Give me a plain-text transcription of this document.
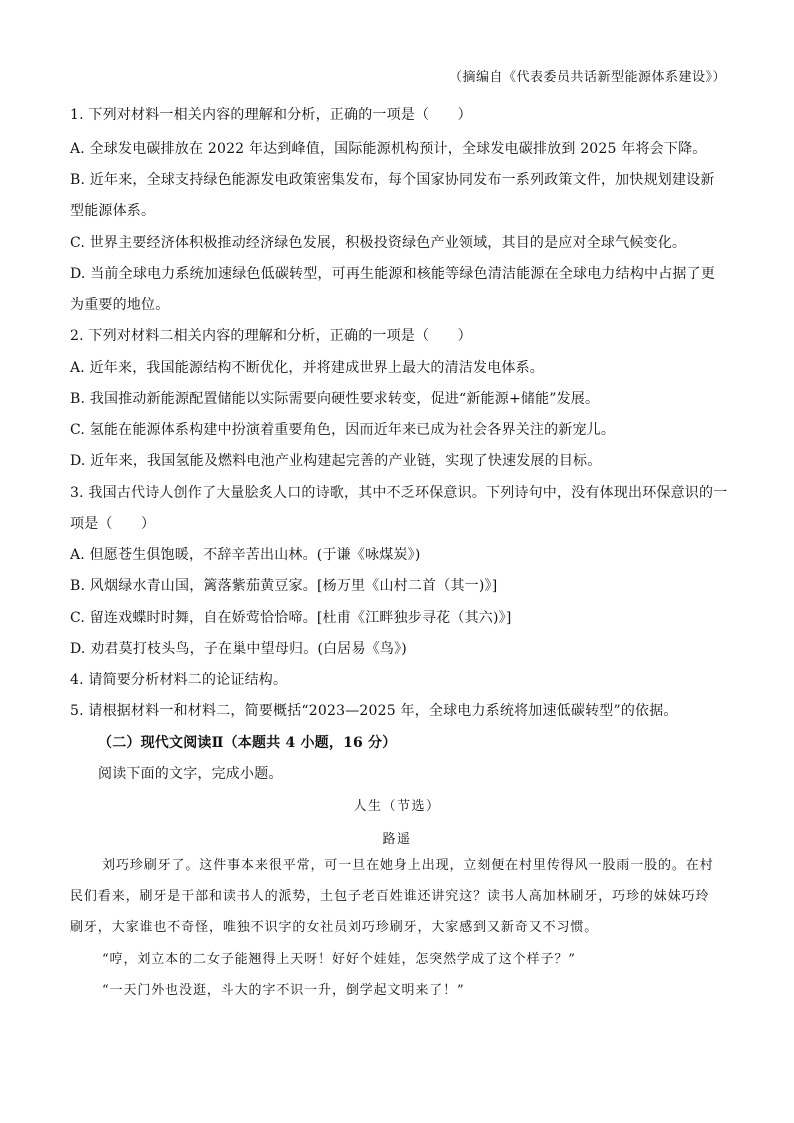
（摘编自《代表委员共话新型能源体系建设》）
1. 下列对材料一相关内容的理解和分析，正确的一项是（　　）
A. 全球发电碳排放在 2022 年达到峰值，国际能源机构预计，全球发电碳排放到 2025 年将会下降。
B. 近年来，全球支持绿色能源发电政策密集发布，每个国家协同发布一系列政策文件，加快规划建设新
型能源体系。
C. 世界主要经济体积极推动经济绿色发展，积极投资绿色产业领域，其目的是应对全球气候变化。
D. 当前全球电力系统加速绿色低碳转型，可再生能源和核能等绿色清洁能源在全球电力结构中占据了更
为重要的地位。
2. 下列对材料二相关内容的理解和分析，正确的一项是（　　）
A. 近年来，我国能源结构不断优化，并将建成世界上最大的清洁发电体系。
B. 我国推动新能源配置储能以实际需要向硬性要求转变，促进“新能源+储能”发展。
C. 氢能在能源体系构建中扮演着重要角色，因而近年来已成为社会各界关注的新宠儿。
D. 近年来，我国氢能及燃料电池产业构建起完善的产业链，实现了快速发展的目标。
3. 我国古代诗人创作了大量脍炙人口的诗歌，其中不乏环保意识。下列诗句中，没有体现出环保意识的一
项是（　　）
A. 但愿苍生俱饱暖，不辞辛苦出山林。(于谦《咏煤炭》)
B. 风烟绿水青山国，篱落紫茄黄豆家。[杨万里《山村二首（其一)》]
C. 留连戏蝶时时舞，自在娇莺恰恰啼。[杜甫《江畔独步寻花（其六)》]
D. 劝君莫打枝头鸟，子在巢中望母归。(白居易《鸟》)
4. 请简要分析材料二的论证结构。
5. 请根据材料一和材料二，简要概括“2023—2025 年，全球电力系统将加速低碳转型”的依据。
（二）现代文阅读Ⅱ（本题共 4 小题，16 分）
阅读下面的文字，完成小题。
人生（节选）
路遥
刘巧珍刷牙了。这件事本来很平常，可一旦在她身上出现，立刻便在村里传得风一股雨一股的。在村
民们看来，刷牙是干部和读书人的派势，土包子老百姓谁还讲究这？读书人高加林刷牙，巧珍的妹妹巧玲
刷牙，大家谁也不奇怪，唯独不识字的女社员刘巧珍刷牙，大家感到又新奇又不习惯。
“哼，刘立本的二女子能翘得上天呀！好好个娃娃，怎突然学成了这个样子？”
“一天门外也没逛，斗大的字不识一升，倒学起文明来了！”
